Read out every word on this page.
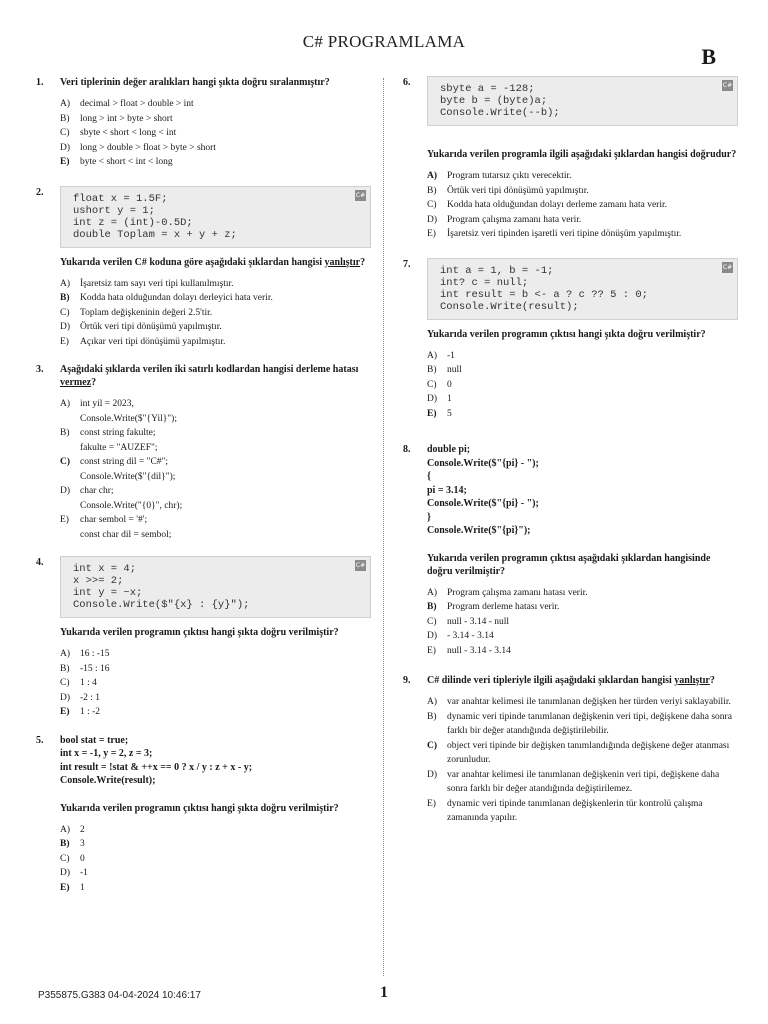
C# PROGRAMLAMA
B
1. Veri tiplerinin değer aralıkları hangi şıkta doğru sıralanmıştır?
A) decimal > float > double > int
B) long > int > byte > short
C) sbyte < short < long < int
D) long > double > float > byte > short
E) byte < short < int < long
2.
float x = 1.5F;
ushort y = 1;
int z = (int)-0.5D;
double Toplam = x + y + z;
C#
Yukarıda verilen C# koduna göre aşağıdaki şıklardan hangisi yanlıştır?
A) İşaretsiz tam sayı veri tipi kullanılmıştır.
B) Kodda hata olduğundan dolayı derleyici hata verir.
C) Toplam değişkeninin değeri 2.5'tir.
D) Örtük veri tipi dönüşümü yapılmıştır.
E) Açıkar veri tipi dönüşümü yapılmıştır.
3. Aşağıdaki şıklarda verilen iki satırlı kodlardan hangisi derleme hatası vermez?
A) int yil = 2023,
Console.Write($"{Yil}");
B) const string fakulte;
fakulte = "AUZEF";
C) const string dil = "C#";
Console.Write($"{dil}");
D) char chr;
Console.Write("{0}", chr);
E) char sembol = '#';
const char dil = sembol;
4.
int x = 4;
x >>= 2;
int y = ~x;
Console.Write($"{x} : {y}");
C#
Yukarıda verilen programın çıktısı hangi şıkta doğru verilmiştir?
A) 16 : -15
B) -15 : 16
C) 1 : 4
D) -2 : 1
E) 1 : -2
5. bool stat = true;
int x = -1, y = 2, z = 3;
int result = !stat & ++x == 0 ? x / y : z + x - y;
Console.Write(result);
Yukarıda verilen programın çıktısı hangi şıkta doğru verilmiştir?
A) 2
B) 3
C) 0
D) -1
E) 1
6.
sbyte a = -128;
byte b = (byte)a;
Console.Write(--b);
C#
Yukarıda verilen programla ilgili aşağıdaki şıklardan hangisi doğrudur?
A) Program tutarsız çıktı verecektir.
B) Örtük veri tipi dönüşümü yapılmıştır.
C) Kodda hata olduğundan dolayı derleme zamanı hata verir.
D) Program çalışma zamanı hata verir.
E) İşaretsiz veri tipinden işaretli veri tipine dönüşüm yapılmıştır.
7.
int a = 1, b = -1;
int? c = null;
int result = b <- a ? c ?? 5 : 0;
Console.Write(result);
C#
Yukarıda verilen programın çıktısı hangi şıkta doğru verilmiştir?
A) -1
B) null
C) 0
D) 1
E) 5
8. double pi;
Console.Write($"{pi} - ");
{
pi = 3.14;
Console.Write($"{pi} - ");
}
Console.Write($"{pi}");
Yukarıda verilen programın çıktısı aşağıdaki şıklardan hangisinde doğru verilmiştir?
A) Program çalışma zamanı hatası verir.
B) Program derleme hatası verir.
C) null - 3.14 - null
D) - 3.14 - 3.14
E) null - 3.14 - 3.14
9. C# dilinde veri tipleriyle ilgili aşağıdaki şıklardan hangisi yanlıştır?
A) var anahtar kelimesi ile tanımlanan değişken her türden veriyi saklayabilir.
B) dynamic veri tipinde tanımlanan değişkenin veri tipi, değişkene daha sonra farklı bir değer atandığında değiştirilebilir.
C) object veri tipinde bir değişken tanımlandığında değişkene değer atanması zorunludur.
D) var anahtar kelimesi ile tanımlanan değişkenin veri tipi, değişkene daha sonra farklı bir değer atandığında değiştirilemez.
E) dynamic veri tipinde tanımlanan değişkenlerin tür kontrolü çalışma zamanında yapılır.
P355875.G383 04-04-2024 10:46:17	1
